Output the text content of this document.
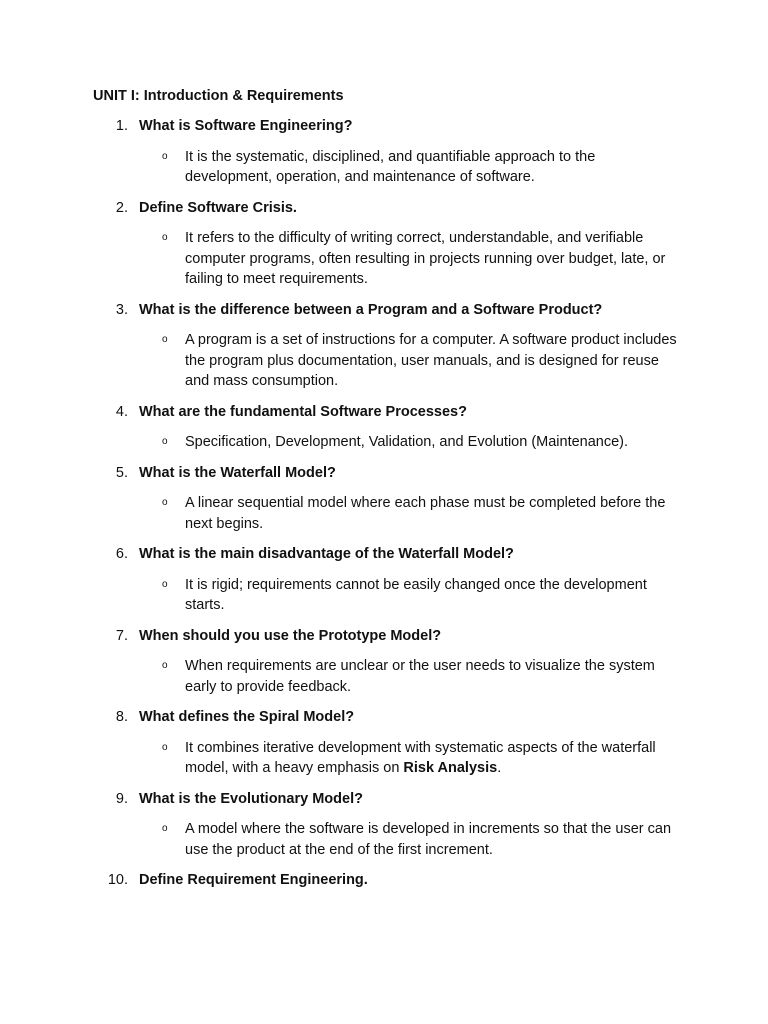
UNIT I: Introduction & Requirements
1. What is Software Engineering?
o It is the systematic, disciplined, and quantifiable approach to the development, operation, and maintenance of software.
2. Define Software Crisis.
o It refers to the difficulty of writing correct, understandable, and verifiable computer programs, often resulting in projects running over budget, late, or failing to meet requirements.
3. What is the difference between a Program and a Software Product?
o A program is a set of instructions for a computer. A software product includes the program plus documentation, user manuals, and is designed for reuse and mass consumption.
4. What are the fundamental Software Processes?
o Specification, Development, Validation, and Evolution (Maintenance).
5. What is the Waterfall Model?
o A linear sequential model where each phase must be completed before the next begins.
6. What is the main disadvantage of the Waterfall Model?
o It is rigid; requirements cannot be easily changed once the development starts.
7. When should you use the Prototype Model?
o When requirements are unclear or the user needs to visualize the system early to provide feedback.
8. What defines the Spiral Model?
o It combines iterative development with systematic aspects of the waterfall model, with a heavy emphasis on Risk Analysis.
9. What is the Evolutionary Model?
o A model where the software is developed in increments so that the user can use the product at the end of the first increment.
10. Define Requirement Engineering.
